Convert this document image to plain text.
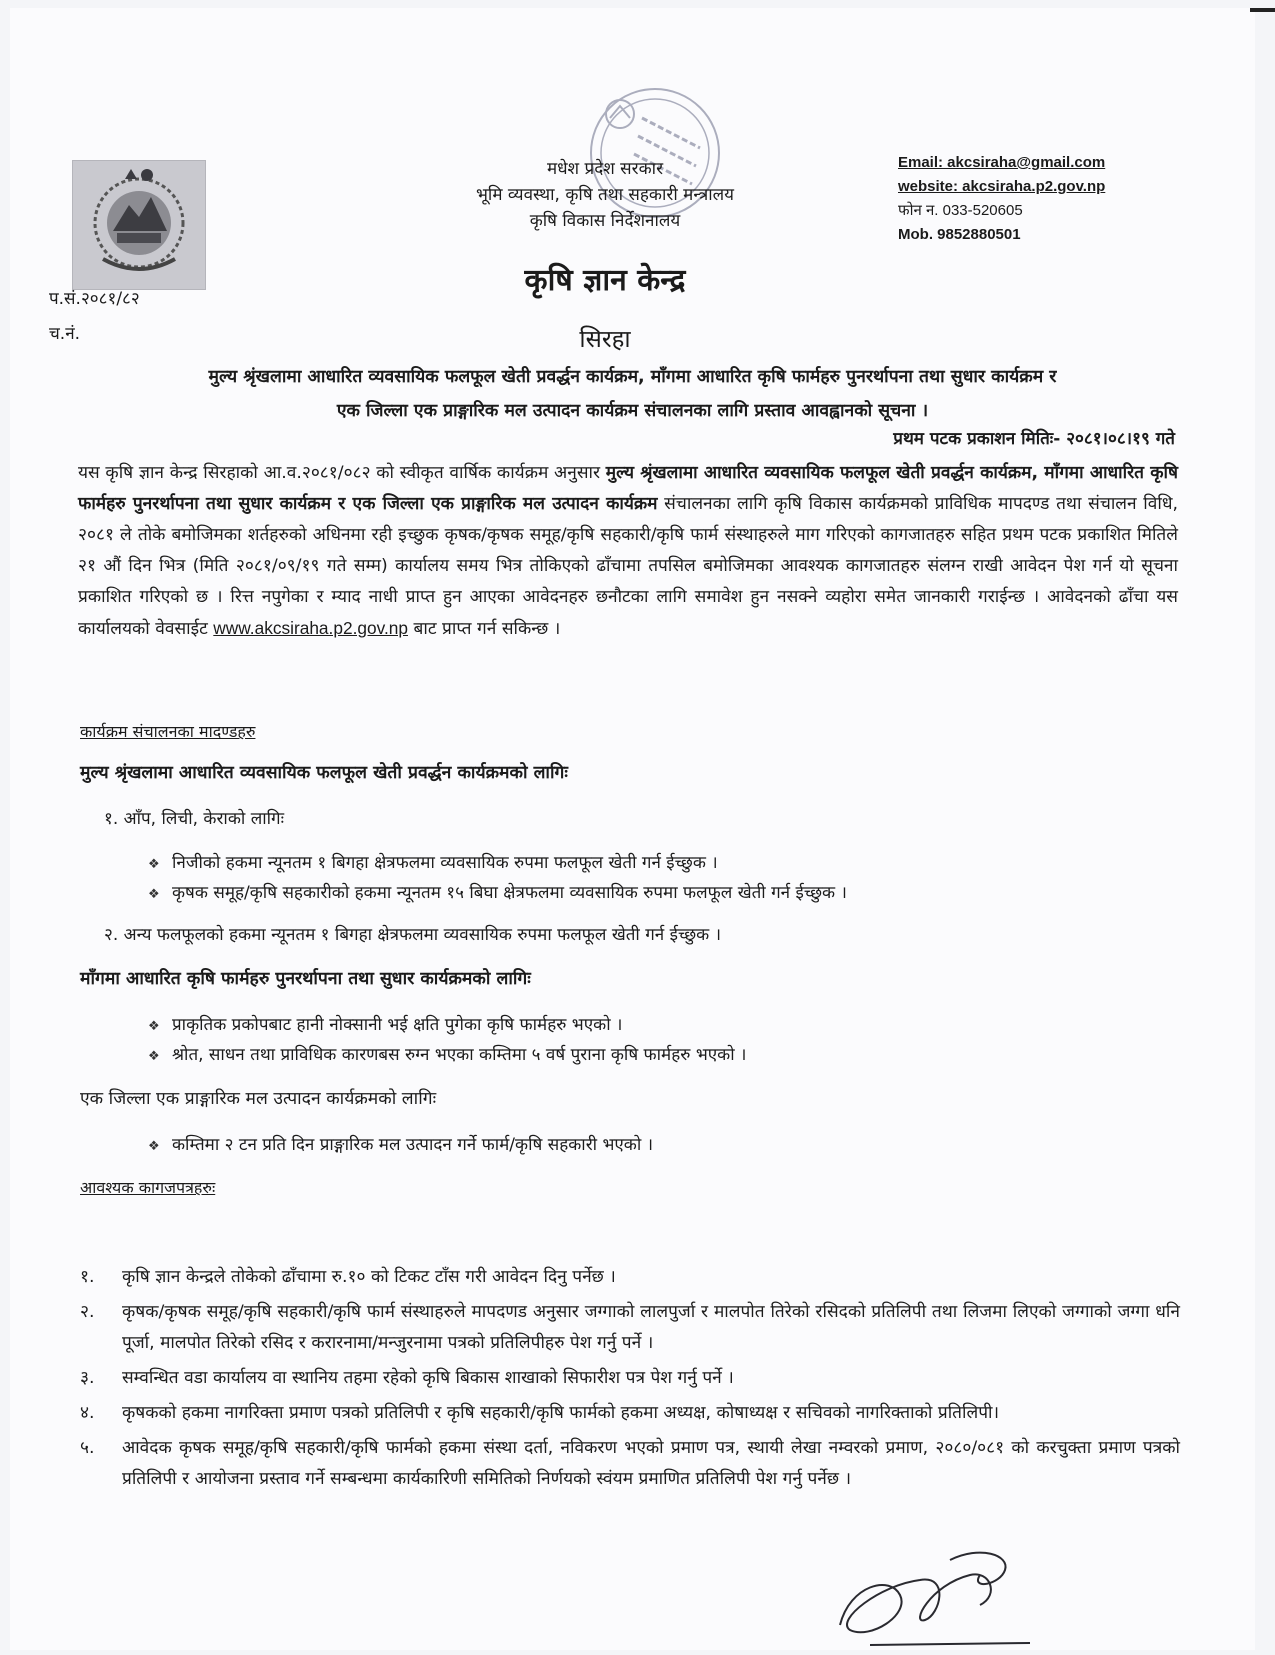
मधेश प्रदेश सरकार
भूमि व्यवस्था, कृषि तथा सहकारी मन्त्रालय
कृषि विकास निर्देशनालय
कृषि ज्ञान केन्द्र
सिरहा
Email: akcsiraha@gmail.com
website: akcsiraha.p2.gov.np
फोन न. 033-520605
Mob. 9852880501
प.सं.२०८१/८२
च.नं.
मुल्य श्रृंखलामा आधारित व्यवसायिक फलफूल खेती प्रवर्द्धन कार्यक्रम, माँगमा आधारित कृषि फार्महरु पुनरर्थापना तथा सुधार कार्यक्रम र
एक जिल्ला एक प्राङ्गारिक मल उत्पादन कार्यक्रम संचालनका लागि प्रस्ताव आवह्वानको सूचना ।
प्रथम पटक प्रकाशन मितिः- २०८१।०८।१९ गते
यस कृषि ज्ञान केन्द्र सिरहाको आ.व.२०८१/०८२ को स्वीकृत वार्षिक कार्यक्रम अनुसार मुल्य श्रृंखलामा आधारित व्यवसायिक फलफूल खेती प्रवर्द्धन कार्यक्रम, माँगमा आधारित कृषि फार्महरु पुनरर्थापना तथा सुधार कार्यक्रम र एक जिल्ला एक प्राङ्गारिक मल उत्पादन कार्यक्रम संचालनका लागि कृषि विकास कार्यक्रमको प्राविधिक मापदण्ड तथा संचालन विधि, २०८१ ले तोके बमोजिमका शर्तहरुको अधिनमा रही इच्छुक कृषक/कृषक समूह/कृषि सहकारी/कृषि फार्म संस्थाहरुले माग गरिएको कागजातहरु सहित प्रथम पटक प्रकाशित मितिले २१ औं दिन भित्र (मिति २०८१/०९/१९ गते सम्म) कार्यालय समय भित्र तोकिएको ढाँचामा तपसिल बमोजिमका आवश्यक कागजातहरु संलग्न राखी आवेदन पेश गर्न यो सूचना प्रकाशित गरिएको छ । रित्त नपुगेका र म्याद नाधी प्राप्त हुन आएका आवेदनहरु छनौटका लागि समावेश हुन नसक्ने व्यहोरा समेत जानकारी गराईन्छ । आवेदनको ढाँचा यस कार्यालयको वेवसाईट www.akcsiraha.p2.gov.np बाट प्राप्त गर्न सकिन्छ ।
कार्यक्रम संचालनका मादण्डहरु
मुल्य श्रृंखलामा आधारित व्यवसायिक फलफूल खेती प्रवर्द्धन कार्यक्रमको लागिः
१. आँप, लिची, केराको लागिः
❖ निजीको हकमा न्यूनतम १ बिगहा क्षेत्रफलमा व्यवसायिक रुपमा फलफूल खेती गर्न ईच्छुक ।
❖ कृषक समूह/कृषि सहकारीको हकमा न्यूनतम १५ बिघा क्षेत्रफलमा व्यवसायिक रुपमा फलफूल खेती गर्न ईच्छुक ।
२. अन्य फलफूलको हकमा न्यूनतम १ बिगहा क्षेत्रफलमा व्यवसायिक रुपमा फलफूल खेती गर्न ईच्छुक ।
माँगमा आधारित कृषि फार्महरु पुनरर्थापना तथा सुधार कार्यक्रमको लागिः
❖ प्राकृतिक प्रकोपबाट हानी नोक्सानी भई क्षति पुगेका कृषि फार्महरु भएको ।
❖ श्रोत, साधन तथा प्राविधिक कारणबस रुग्न भएका कम्तिमा ५ वर्ष पुराना कृषि फार्महरु भएको ।
एक जिल्ला एक प्राङ्गारिक मल उत्पादन कार्यक्रमको लागिः
❖ कम्तिमा २ टन प्रति दिन प्राङ्गारिक मल उत्पादन गर्ने फार्म/कृषि सहकारी भएको ।
आवश्यक कागजपत्रहरुः
१. कृषि ज्ञान केन्द्रले तोकेको ढाँचामा रु.१० को टिकट टाँस गरी आवेदन दिनु पर्नेछ ।
२. कृषक/कृषक समूह/कृषि सहकारी/कृषि फार्म संस्थाहरुले मापदणड अनुसार जग्गाको लालपुर्जा र मालपोत तिरेको रसिदको प्रतिलिपी तथा लिजमा लिएको जग्गाको जग्गा धनि पूर्जा, मालपोत तिरेको रसिद र करारनामा/मन्जुरनामा पत्रको प्रतिलिपीहरु पेश गर्नु पर्ने ।
३. सम्वन्धित वडा कार्यालय वा स्थानिय तहमा रहेको कृषि बिकास शाखाको सिफारीश पत्र पेश गर्नु पर्ने ।
४. कृषकको हकमा नागरिक्ता प्रमाण पत्रको प्रतिलिपी र कृषि सहकारी/कृषि फार्मको हकमा अध्यक्ष, कोषाध्यक्ष र सचिवको नागरिक्ताको प्रतिलिपी।
५. आवेदक कृषक समूह/कृषि सहकारी/कृषि फार्मको हकमा संस्था दर्ता, नविकरण भएको प्रमाण पत्र, स्थायी लेखा नम्वरको प्रमाण, २०८०/०८१ को करचुक्ता प्रमाण पत्रको प्रतिलिपी र आयोजना प्रस्ताव गर्ने सम्बन्धमा कार्यकारिणी समितिको निर्णयको स्वंयम प्रमाणित प्रतिलिपी पेश गर्नु पर्नेछ ।
